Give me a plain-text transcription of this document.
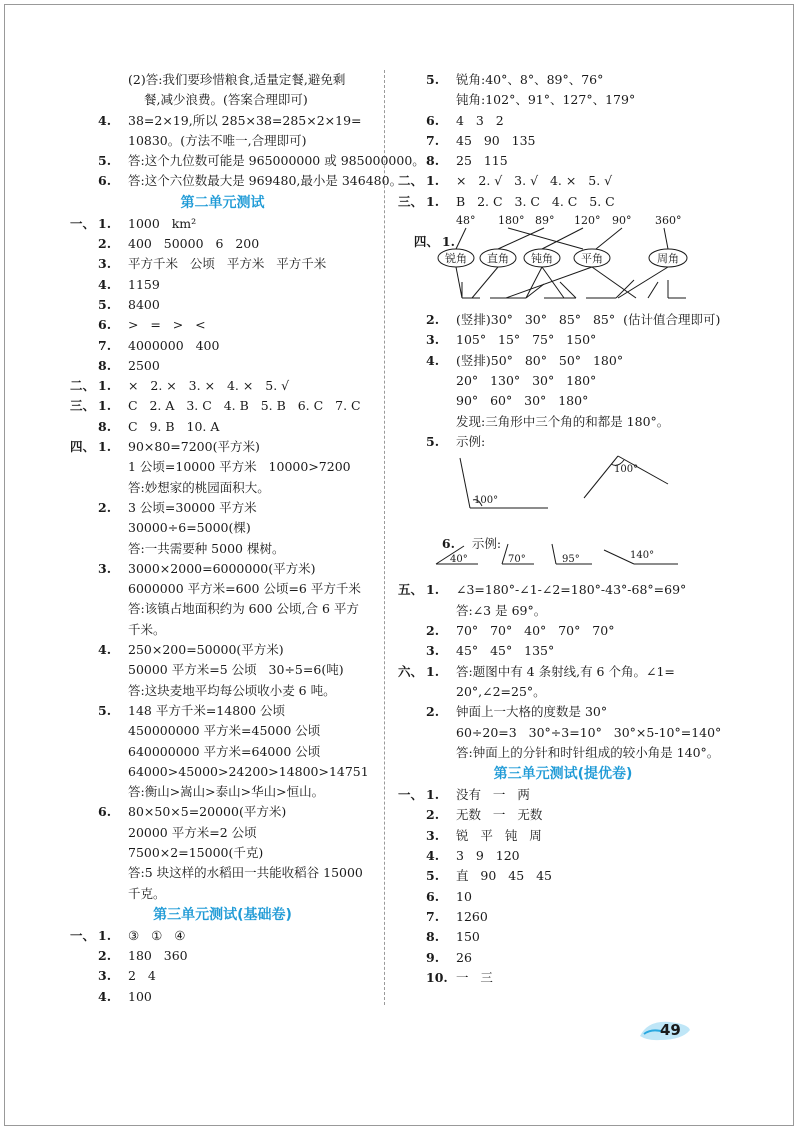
(2)答:我们要珍惜粮食,适量定餐,避免剩
餐,减少浪费。(答案合理即可)
4. 38=2×19,所以 285×38=285×2×19=
10830。(方法不唯一,合理即可)
5. 答:这个九位数可能是 965000000 或 985000000。
6. 答:这个六位数最大是 969480,最小是 346480。
第二单元测试
一、 1. 1000   km²
2. 400   50000   6   200
3. 平方千米   公顷   平方米   平方千米
4. 1159
5. 8400
6. >   =   >   <
7. 4000000   400
8. 2500
二、 1. ×   2. ×   3. ×   4. ×   5. √
三、 1. C   2. A   3. C   4. B   5. B   6. C   7. C
8. C   9. B   10. A
四、 1. 90×80=7200(平方米)
1 公顷=10000 平方米   10000>7200
答:妙想家的桃园面积大。
2. 3 公顷=30000 平方米
30000÷6=5000(棵)
答:一共需要种 5000 棵树。
3. 3000×2000=6000000(平方米)
6000000 平方米=600 公顷=6 平方千米
答:该镇占地面积约为 600 公顷,合 6 平方
千米。
4. 250×200=50000(平方米)
50000 平方米=5 公顷   30÷5=6(吨)
答:这块麦地平均每公顷收小麦 6 吨。
5. 148 平方千米=14800 公顷
450000000 平方米=45000 公顷
640000000 平方米=64000 公顷
64000>45000>24200>14800>14751
答:衡山>嵩山>泰山>华山>恒山。
6. 80×50×5=20000(平方米)
20000 平方米=2 公顷
7500×2=15000(千克)
答:5 块这样的水稻田一共能收稻谷 15000
千克。
第三单元测试(基础卷)
一、 1. ③   ①   ④
2. 180   360
3. 2   4
4. 100
5. 锐角:40°、8°、89°、76°
钝角:102°、91°、127°、179°
6. 4   3   2
7. 45   90   135
8. 25   115
二、 1. ×   2. √   3. √   4. ×   5. √
三、 1. B   2. C   3. C   4. C   5. C

四、 1.

48° 180° 89° 120° 90° 360°
锐角 直角 钝角	平角	周角

2. (竖排)30°   30°   85°   85°  (估计值合理即可)
3. 105°   15°   75°   150°
4. (竖排)50°   80°   50°   180°
20°   130°   30°   180°
90°   60°   30°   180°
发现:三角形中三个角的和都是 180°。
5. 示例:
100°
100°

6. 示例:

40°	70°	95°	140°
五、 1. ∠3=180°-∠1-∠2=180°-43°-68°=69°
答:∠3 是 69°。
2. 70°   70°   40°   70°   70°
3. 45°   45°   135°
六、 1. 答:题图中有 4 条射线,有 6 个角。∠1=
20°,∠2=25°。
2. 钟面上一大格的度数是 30°
60÷20=3   30°÷3=10°   30°×5-10°=140°
答:钟面上的分针和时针组成的较小角是 140°。
第三单元测试(提优卷)
一、 1. 没有   一   两
2. 无数   一   无数
3. 锐   平   钝   周
4. 3   9   120
5. 直   90   45   45
6. 10
7. 1260
8. 150
9. 26
10. 一   三
49
